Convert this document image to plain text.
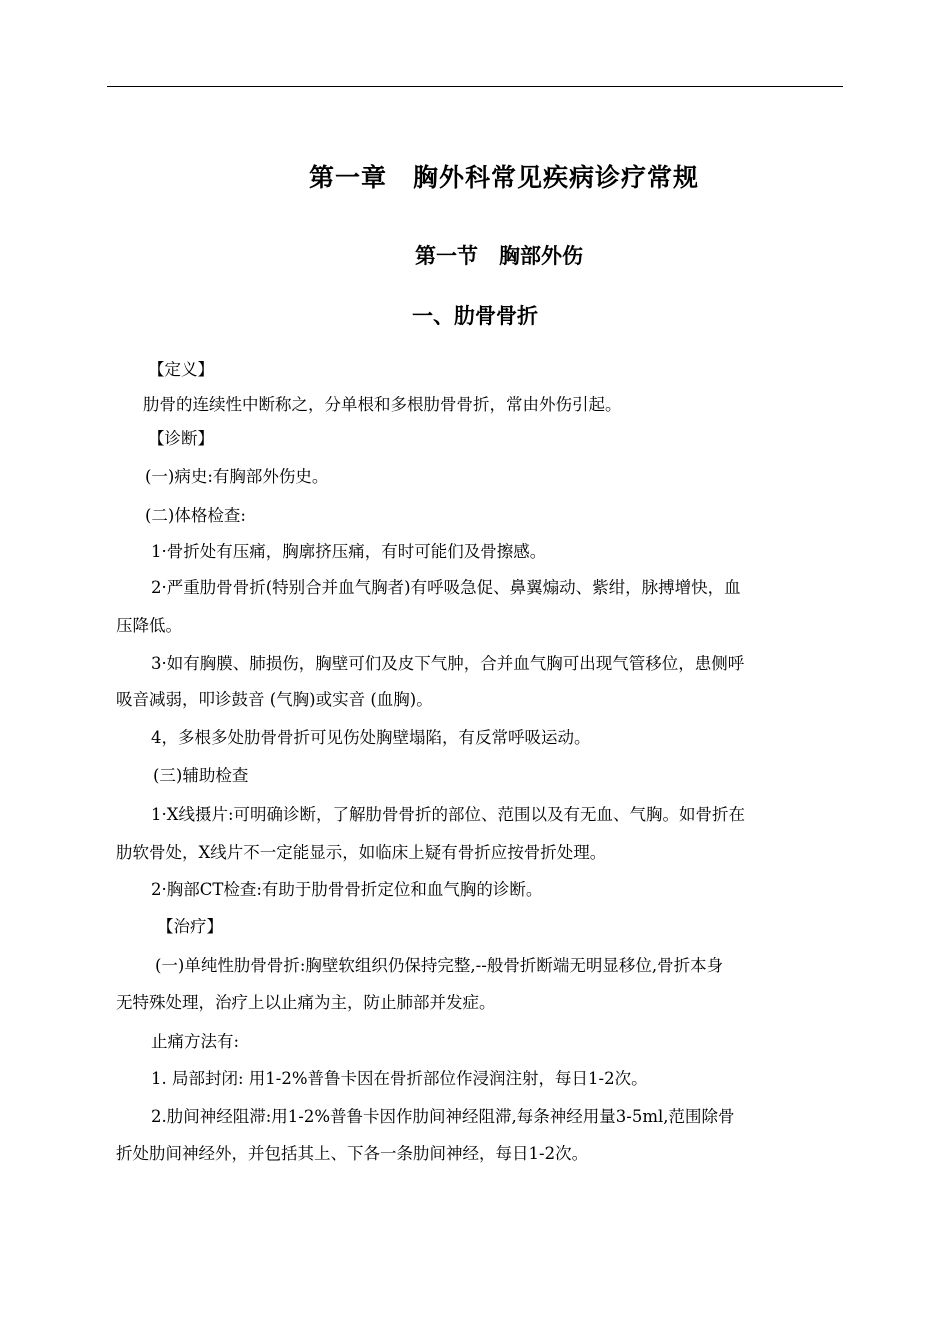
第一章　胸外科常见疾病诊疗常规
第一节　胸部外伤
一、肋骨骨折
【定义】
肋骨的连续性中断称之，分单根和多根肋骨骨折，常由外伤引起。
【诊断】
(一)病史:有胸部外伤史。
(二)体格检查:
1·骨折处有压痛，胸廓挤压痛，有时可能们及骨擦感。
2·严重肋骨骨折(特别合并血气胸者)有呼吸急促、鼻翼煽动、紫绀，脉搏增快，血
压降低。
3·如有胸膜、肺损伤，胸壁可们及皮下气肿，合并血气胸可出现气管移位，患侧呼
吸音减弱，叩诊鼓音 (气胸)或实音 (血胸)。
4，多根多处肋骨骨折可见伤处胸壁塌陷，有反常呼吸运动。
(三)辅助检查
1·X线摄片:可明确诊断，了解肋骨骨折的部位、范围以及有无血、气胸。如骨折在
肋软骨处，X线片不一定能显示，如临床上疑有骨折应按骨折处理。
2·胸部CT检查:有助于肋骨骨折定位和血气胸的诊断。
【治疗】
(一)单纯性肋骨骨折:胸壁软组织仍保持完整,--般骨折断端无明显移位,骨折本身
无特殊处理，治疗上以止痛为主，防止肺部并发症。
止痛方法有:
1. 局部封闭: 用1-2%普鲁卡因在骨折部位作浸润注射，每日1-2次。
2.肋间神经阻滞:用1-2%普鲁卡因作肋间神经阻滞,每条神经用量3-5ml,范围除骨
折处肋间神经外，并包括其上、下各一条肋间神经，每日1-2次。
